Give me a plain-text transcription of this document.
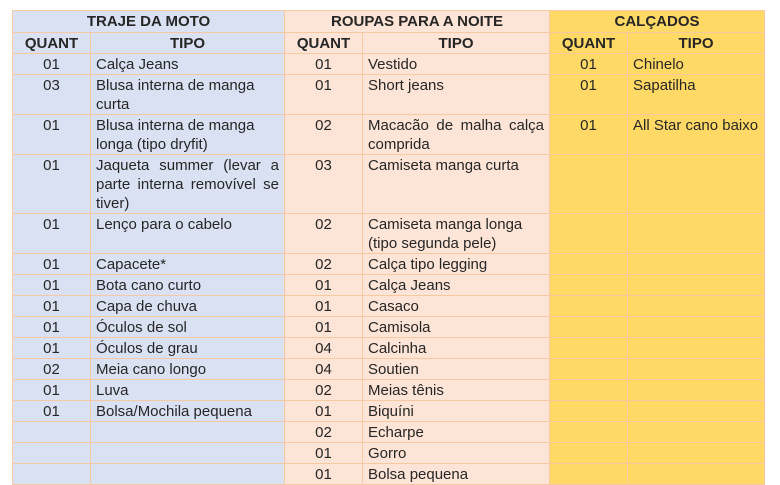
TRAJE DA MOTO		ROUPAS PARA A NOITE		CALÇADOS	
QUANT	TIPO	QUANT	TIPO	QUANT	TIPO
01	Calça Jeans	01	Vestido	01	Chinelo
03	Blusa interna de manga curta	01	Short jeans	01	Sapatilha
01	Blusa interna de manga longa (tipo dryfit)	02	Macacão de malha calça comprida	01	All Star cano baixo
01	Jaqueta summer (levar a parte interna removível se tiver)	03	Camiseta manga curta		
01	Lenço para o cabelo	02	Camiseta manga longa (tipo segunda pele)		
01	Capacete*	02	Calça tipo legging		
01	Bota cano curto	01	Calça Jeans		
01	Capa de chuva	01	Casaco		
01	Óculos de sol	01	Camisola		
01	Óculos de grau	04	Calcinha		
02	Meia cano longo	04	Soutien		
01	Luva	02	Meias tênis		
01	Bolsa/Mochila pequena	01	Biquíni		
		02	Echarpe		
		01	Gorro		
		01	Bolsa pequena		
